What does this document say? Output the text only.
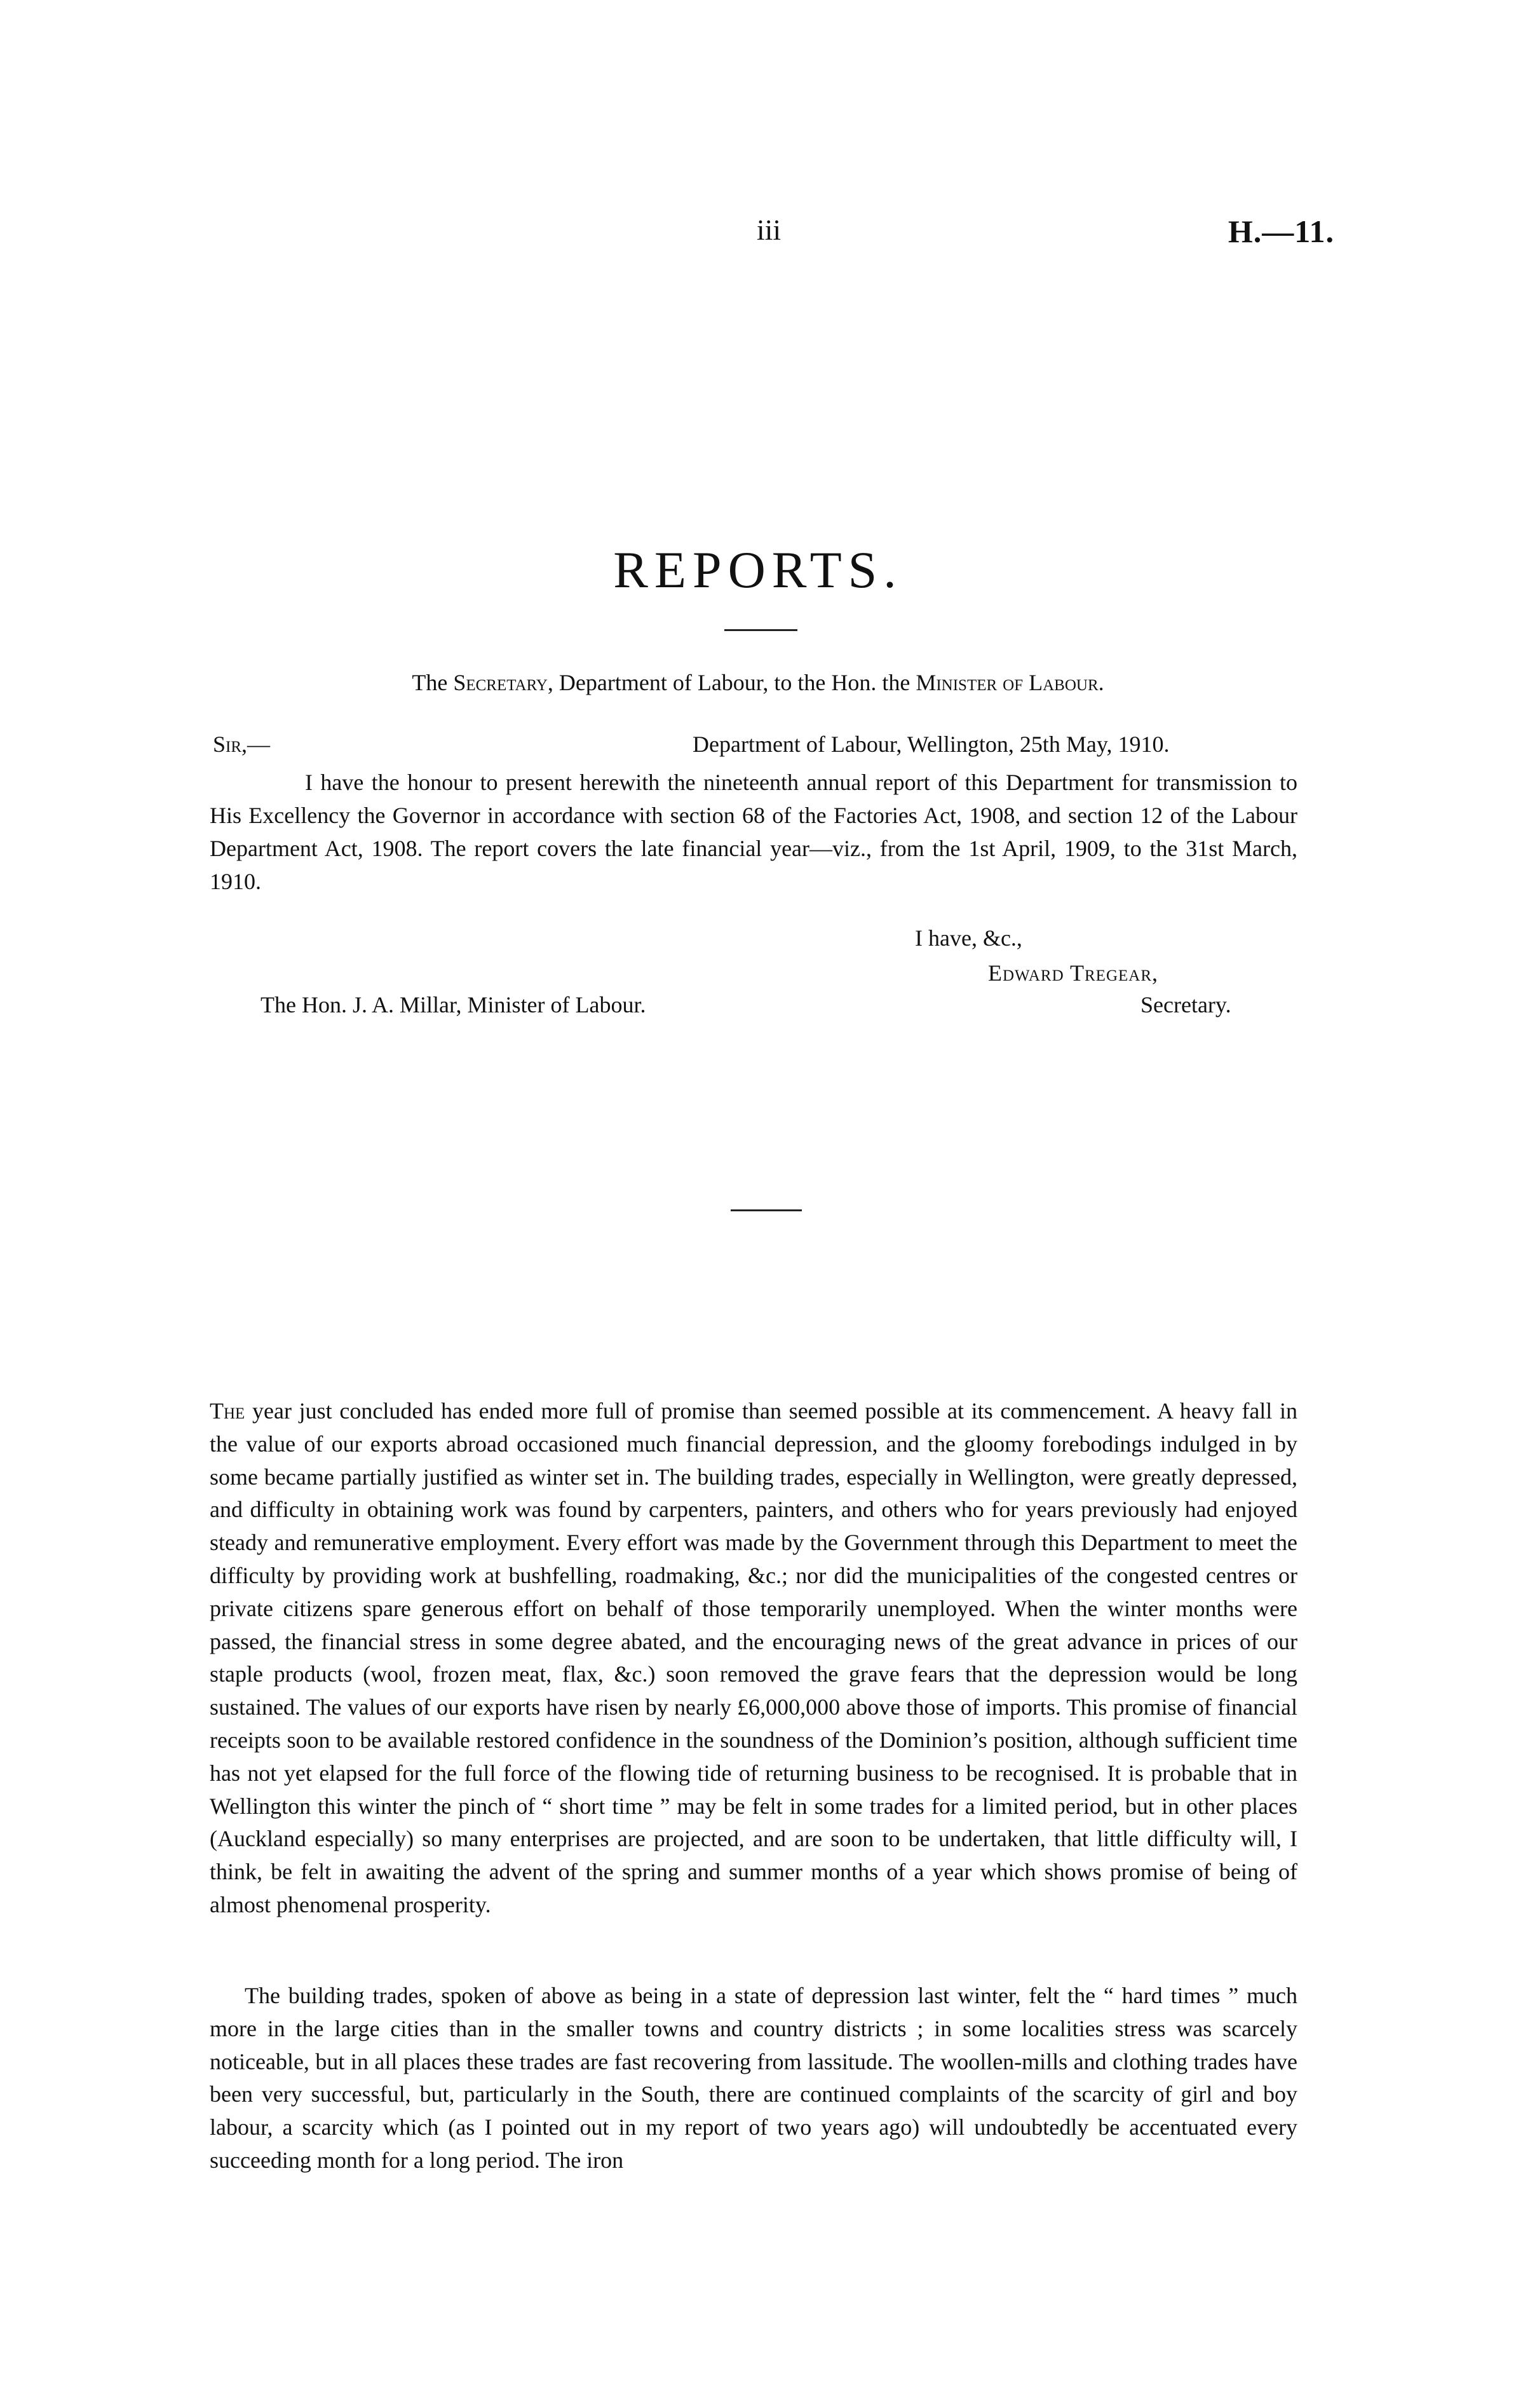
iii	H.—11.
REPORTS.
The Secretary, Department of Labour, to the Hon. the Minister of Labour.
Sir,—	Department of Labour, Wellington, 25th May, 1910.
I have the honour to present herewith the nineteenth annual report of this Department for transmission to His Excellency the Governor in accordance with section 68 of the Factories Act, 1908, and section 12 of the Labour Department Act, 1908. The report covers the late financial year—viz., from the 1st April, 1909, to the 31st March, 1910.
I have, &c.,
Edward Tregear,
Secretary.
The Hon. J. A. Millar, Minister of Labour.
The year just concluded has ended more full of promise than seemed possible at its commencement. A heavy fall in the value of our exports abroad occasioned much financial depression, and the gloomy forebodings indulged in by some became partially justified as winter set in. The building trades, especially in Wellington, were greatly depressed, and difficulty in obtaining work was found by carpenters, painters, and others who for years previously had enjoyed steady and remunerative employment. Every effort was made by the Government through this Department to meet the difficulty by providing work at bushfelling, roadmaking, &c.; nor did the municipalities of the congested centres or private citizens spare generous effort on behalf of those temporarily unemployed. When the winter months were passed, the financial stress in some degree abated, and the encouraging news of the great advance in prices of our staple products (wool, frozen meat, flax, &c.) soon removed the grave fears that the depression would be long sustained. The values of our exports have risen by nearly £6,000,000 above those of imports. This promise of financial receipts soon to be available restored confidence in the soundness of the Dominion’s position, although sufficient time has not yet elapsed for the full force of the flowing tide of returning business to be recognised. It is probable that in Wellington this winter the pinch of “ short time ” may be felt in some trades for a limited period, but in other places (Auckland especially) so many enterprises are projected, and are soon to be undertaken, that little difficulty will, I think, be felt in awaiting the advent of the spring and summer months of a year which shows promise of being of almost phenomenal prosperity.
The building trades, spoken of above as being in a state of depression last winter, felt the “ hard times ” much more in the large cities than in the smaller towns and country districts ; in some localities stress was scarcely noticeable, but in all places these trades are fast recovering from lassitude. The woollen-mills and clothing trades have been very successful, but, particularly in the South, there are continued complaints of the scarcity of girl and boy labour, a scarcity which (as I pointed out in my report of two years ago) will undoubtedly be accentuated every succeeding month for a long period. The iron
